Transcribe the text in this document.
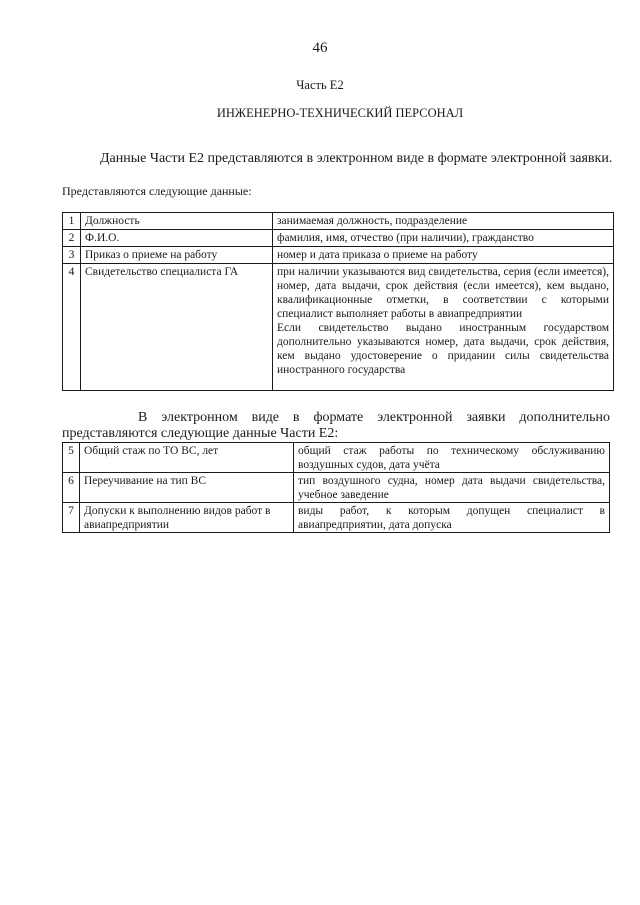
46
Часть Е2
ИНЖЕНЕРНО-ТЕХНИЧЕСКИЙ ПЕРСОНАЛ
Данные Части Е2 представляются в электронном виде в формате электронной заявки.
Представляются следующие данные:
1	Должность	занимаемая должность, подразделение
2	Ф.И.О.	фамилия, имя, отчество (при наличии), гражданство
3	Приказ о приеме на работу	номер и дата приказа о приеме на работу
4	Свидетельство специалиста ГА	при наличии указываются вид свидетельства, серия (если имеется), номер, дата выдачи, срок действия (если имеется), кем выдано, квалификационные отметки, в соответствии с которыми специалист выполняет работы в авиапредприятии
Если свидетельство выдано иностранным государством дополнительно указываются номер, дата выдачи, срок действия, кем выдано удостоверение о придании силы свидетельства иностранного государства
В электронном виде в формате электронной заявки дополнительно представляются следующие данные Части Е2:
5	Общий стаж по ТО ВС, лет	общий стаж работы по техническому обслуживанию воздушных судов, дата учёта
6	Переучивание на тип ВС	тип воздушного судна, номер дата выдачи свидетельства, учебное заведение
7	Допуски к выполнению видов работ в авиапредприятии	виды работ, к которым допущен специалист в авиапредприятии, дата допуска
